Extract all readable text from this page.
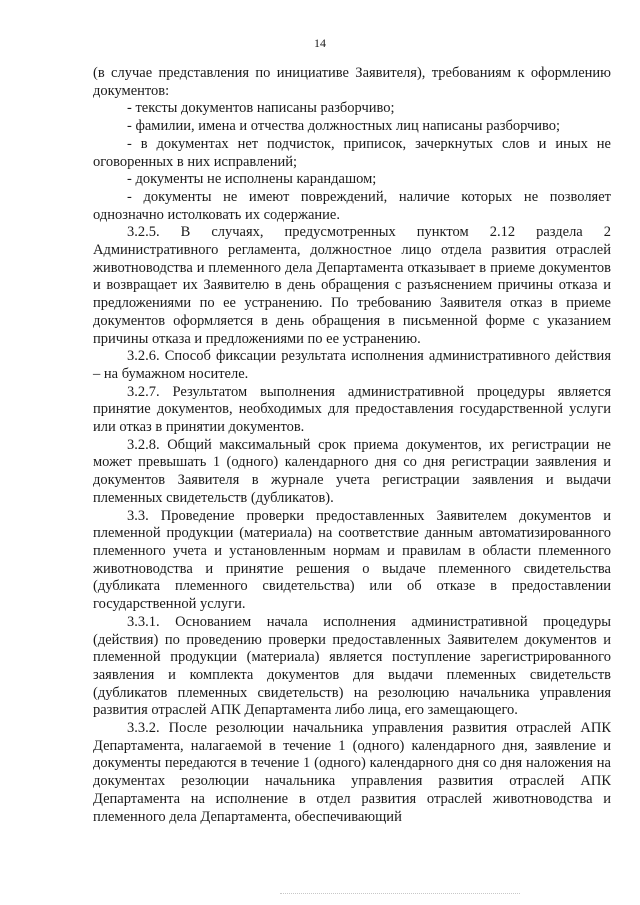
14

(в случае представления по инициативе Заявителя), требованиям к оформлению документов:

- тексты документов написаны разборчиво;

- фамилии, имена и отчества должностных лиц написаны разборчиво;

- в документах нет подчисток, приписок, зачеркнутых слов и иных не оговоренных в них исправлений;

- документы не исполнены карандашом;

- документы не имеют повреждений, наличие которых не позволяет однозначно истолковать их содержание.

3.2.5. В случаях, предусмотренных пунктом 2.12 раздела 2 Административного регламента, должностное лицо отдела развития отраслей животноводства и племенного дела Департамента отказывает в приеме документов и возвращает их Заявителю в день обращения с разъяснением причины отказа и предложениями по ее устранению. По требованию Заявителя отказ в приеме документов оформляется в день обращения в письменной форме с указанием причины отказа и предложениями по ее устранению.

3.2.6. Способ фиксации результата исполнения административного действия – на бумажном носителе.

3.2.7. Результатом выполнения административной процедуры является принятие документов, необходимых для предоставления государственной услуги или отказ в принятии документов.

3.2.8. Общий максимальный срок приема документов, их регистрации не может превышать 1 (одного) календарного дня со дня регистрации заявления и документов Заявителя в журнале учета регистрации заявления и выдачи племенных свидетельств (дубликатов).

3.3. Проведение проверки предоставленных Заявителем документов и племенной продукции (материала) на соответствие данным автоматизированного племенного учета и установленным нормам и правилам в области племенного животноводства и принятие решения о выдаче племенного свидетельства (дубликата племенного свидетельства) или об отказе в предоставлении государственной услуги.

3.3.1. Основанием начала исполнения административной процедуры (действия) по проведению проверки предоставленных Заявителем документов и племенной продукции (материала) является поступление зарегистрированного заявления и комплекта документов для выдачи племенных свидетельств (дубликатов племенных свидетельств) на резолюцию начальника управления развития отраслей АПК Департамента либо лица, его замещающего.

3.3.2. После резолюции начальника управления развития отраслей АПК Департамента, налагаемой в течение 1 (одного) календарного дня, заявление и документы передаются в течение 1 (одного) календарного дня со дня наложения на документах резолюции начальника управления развития отраслей АПК Департамента на исполнение в отдел развития отраслей животноводства и племенного дела Департамента, обеспечивающий
